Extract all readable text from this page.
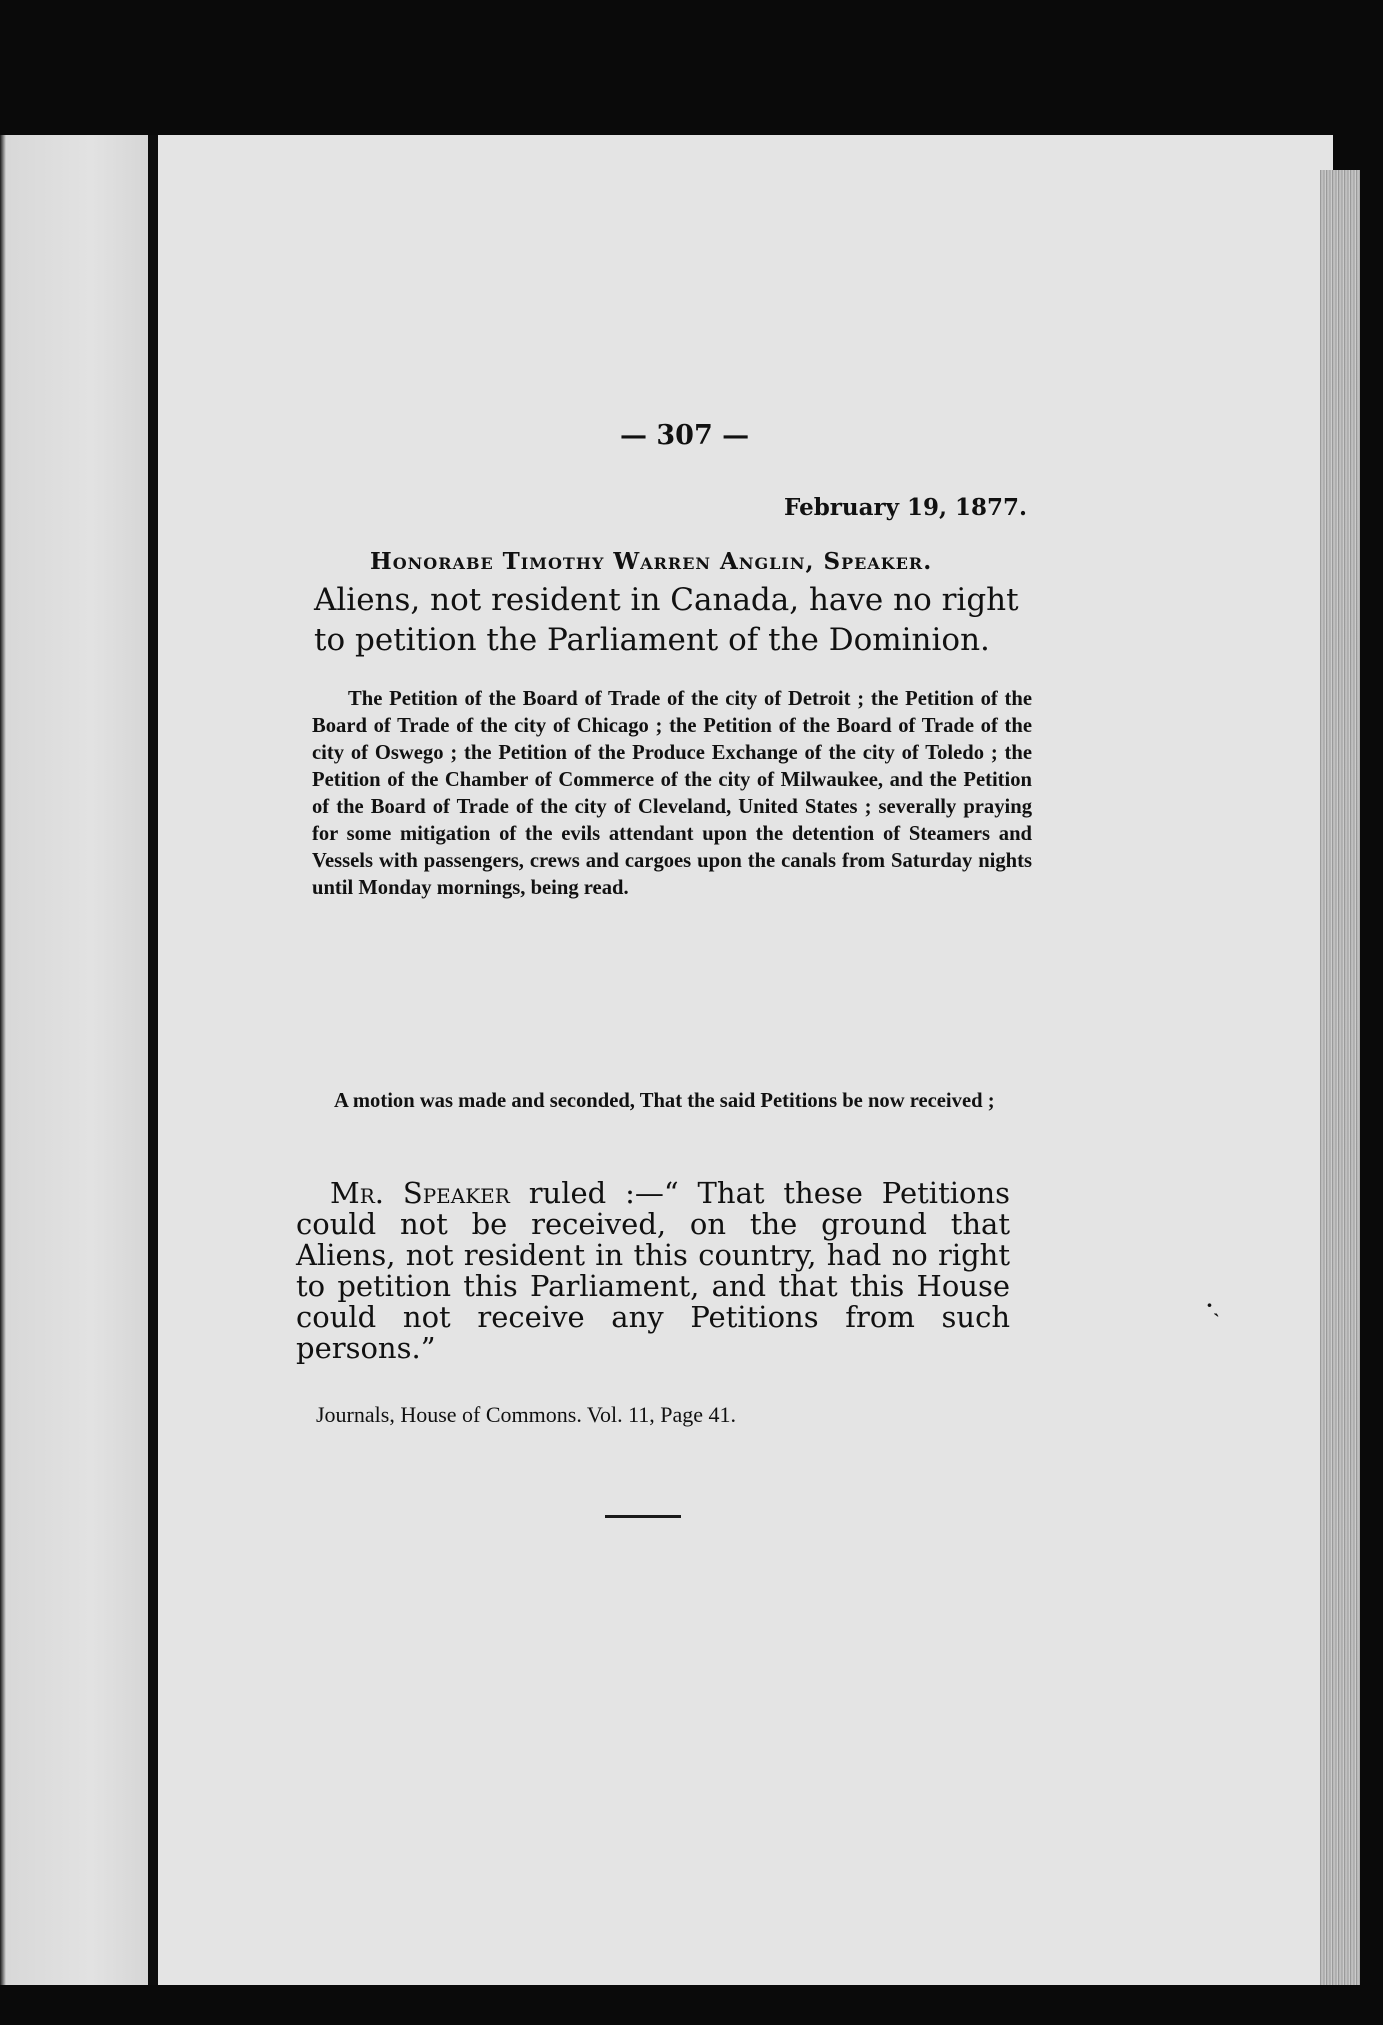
— 307 —
February 19, 1877.
Honorabe Timothy Warren Anglin, Speaker.
Aliens, not resident in Canada, have no right to petition the Parliament of the Dominion.
The Petition of the Board of Trade of the city of Detroit ; the Petition of the Board of Trade of the city of Chicago ; the Petition of the Board of Trade of the city of Oswego ; the Petition of the Produce Exchange of the city of Toledo ; the Petition of the Chamber of Commerce of the city of Milwaukee, and the Petition of the Board of Trade of the city of Cleveland, United States ; severally praying for some mitigation of the evils attendant upon the detention of Steamers and Vessels with passengers, crews and cargoes upon the canals from Saturday nights until Monday mornings, being read.
A motion was made and seconded, That the said Petitions be now received ;
Mr. Speaker ruled :—“ That these Petitions could not be received, on the ground that Aliens, not resident in this country, had no right to petition this Parliament, and that this House could not receive any Petitions from such persons.”
Journals, House of Commons. Vol. 11, Page 41.
·ˎ
